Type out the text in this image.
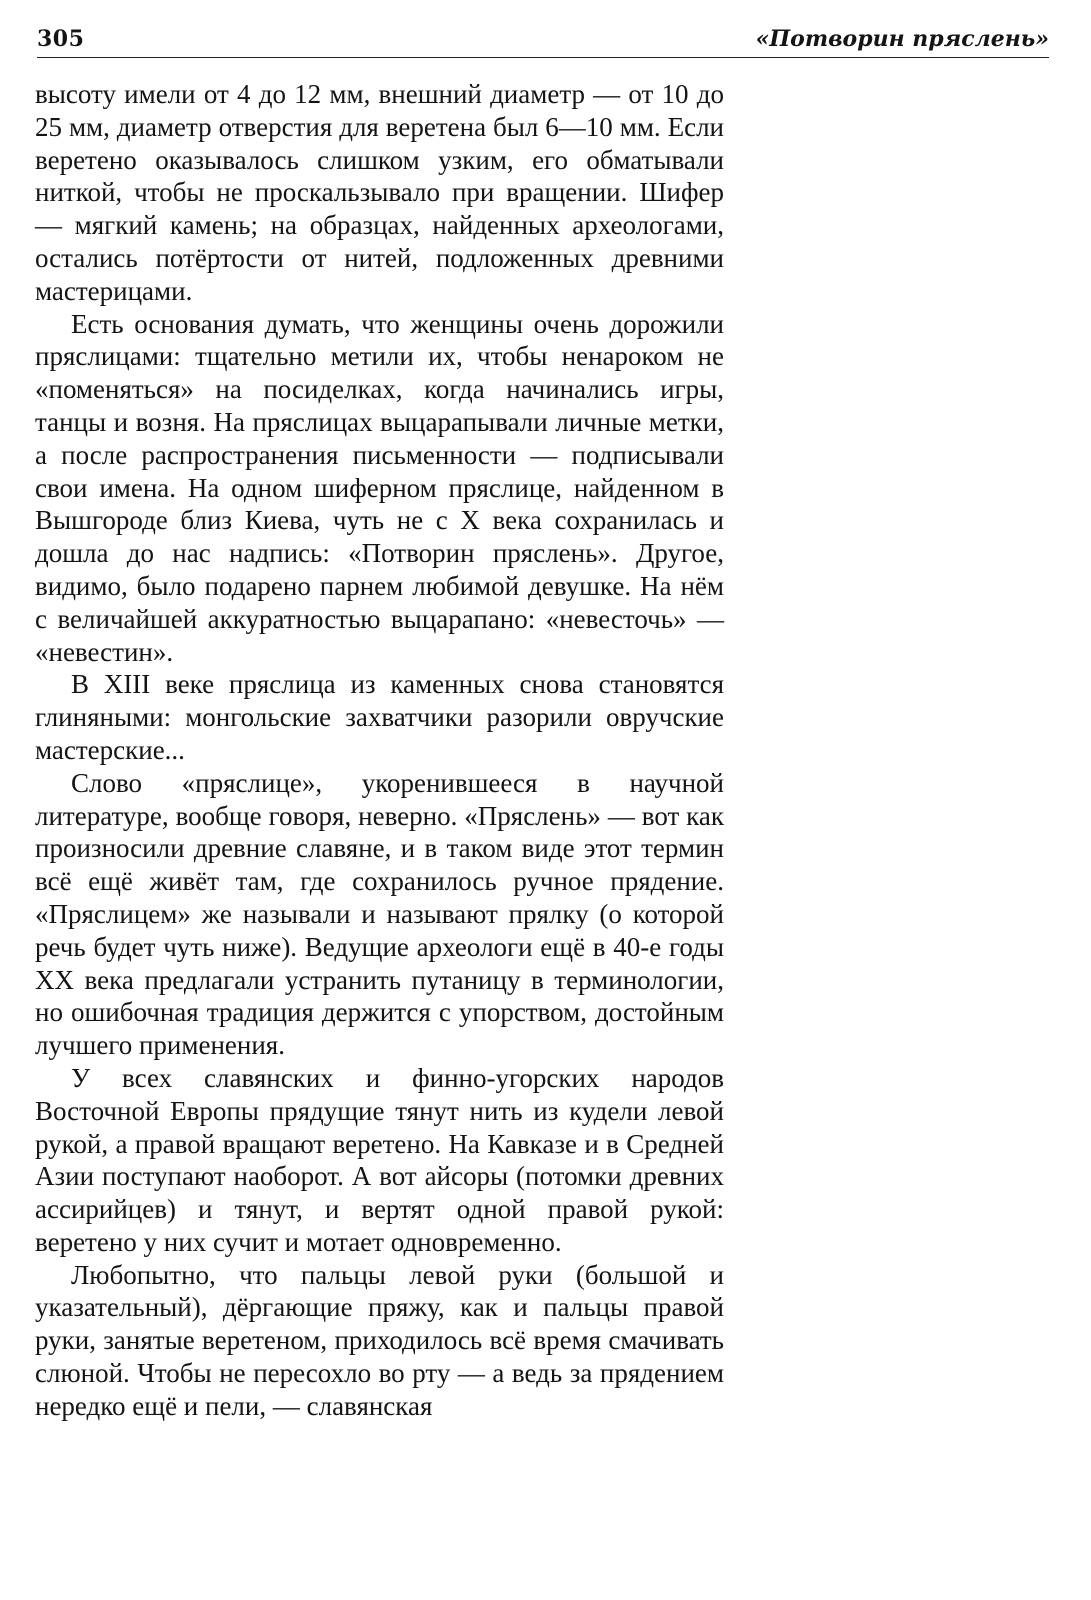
305	«Потворин пряслень»

высоту имели от 4 до 12 мм, внешний диаметр — от 10 до 25 мм, диаметр отверстия для веретена был 6—10 мм. Если веретено оказывалось слишком узким, его обматывали ниткой, чтобы не проскальзывало при вращении. Шифер — мягкий камень; на образцах, найденных археологами, остались потёртости от нитей, подложенных древними мастерицами.

Есть основания думать, что женщины очень дорожили пряслицами: тщательно метили их, чтобы ненароком не «поменяться» на посиделках, когда начинались игры, танцы и возня. На пряслицах выцарапывали личные метки, а после распространения письменности — подписывали свои имена. На одном шиферном пряслице, найденном в Вышгороде близ Киева, чуть не с X века сохранилась и дошла до нас надпись: «Потворин пряслень». Другое, видимо, было подарено парнем любимой девушке. На нём с величайшей аккуратностью выцарапано: «невесточь» — «невестин».

В XIII веке пряслица из каменных снова становятся глиняными: монгольские захватчики разорили овручские мастерские...

Слово «пряслице», укоренившееся в научной литературе, вообще говоря, неверно. «Пряслень» — вот как произносили древние славяне, и в таком виде этот термин всё ещё живёт там, где сохранилось ручное прядение. «Пряслицем» же называли и называют прялку (о которой речь будет чуть ниже). Ведущие археологи ещё в 40-е годы XX века предлагали устранить путаницу в терминологии, но ошибочная традиция держится с упорством, достойным лучшего применения.

У всех славянских и финно-угорских народов Восточной Европы прядущие тянут нить из кудели левой рукой, а правой вращают веретено. На Кавказе и в Средней Азии поступают наоборот. А вот айсоры (потомки древних ассирийцев) и тянут, и вертят одной правой рукой: веретено у них сучит и мотает одновременно.

Любопытно, что пальцы левой руки (большой и указательный), дёргающие пряжу, как и пальцы правой руки, занятые веретеном, приходилось всё время смачивать слюной. Чтобы не пересохло во рту — а ведь за прядением нередко ещё и пели, — славянская
